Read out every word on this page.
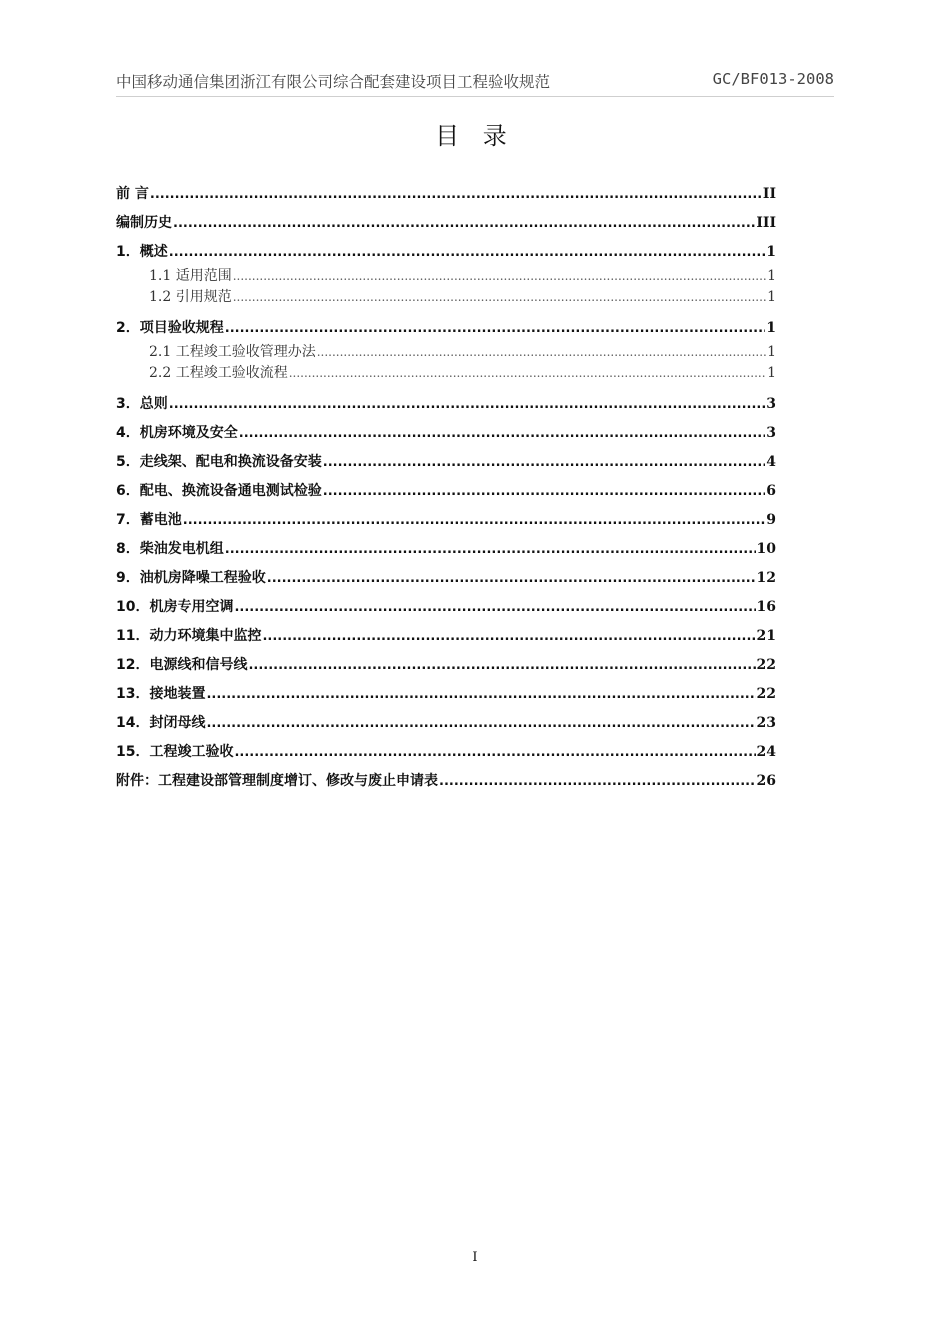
中国移动通信集团浙江有限公司综合配套建设项目工程验收规范	GC/BF013-2008
目 录
前 言 .....	II
编制历史 .....	III
1．概述 .....	1
1.1 适用范围 .....	1
1.2 引用规范 .....	1
2．项目验收规程 .....	1
2.1 工程竣工验收管理办法 .....	1
2.2 工程竣工验收流程 .....	1
3．总则 .....	3
4．机房环境及安全 .....	3
5．走线架、配电和换流设备安装 .....	4
6．配电、换流设备通电测试检验 .....	6
7．蓄电池 .....	9
8．柴油发电机组 .....	10
9．油机房降噪工程验收 .....	12
10．机房专用空调 .....	16
11．动力环境集中监控 .....	21
12．电源线和信号线 .....	22
13．接地装置 .....	22
14．封闭母线 .....	23
15．工程竣工验收 .....	24
附件：工程建设部管理制度增订、修改与废止申请表 .....	26
I
